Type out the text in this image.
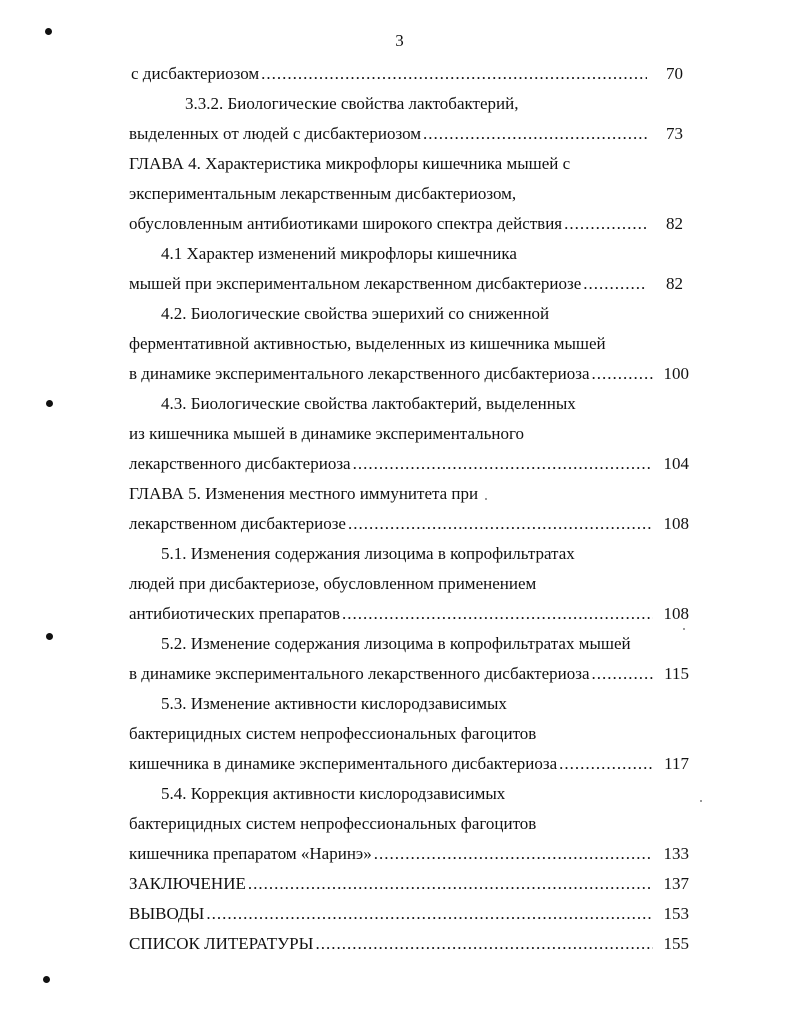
3
с дисбактериозом .....	70
3.3.2. Биологические свойства лактобактерий,
выделенных от людей с дисбактериозом .....	73
ГЛАВА 4. Характеристика микрофлоры кишечника мышей с
экспериментальным лекарственным дисбактериозом,
обусловленным антибиотиками широкого спектра действия .....	82
4.1 Характер изменений микрофлоры кишечника
мышей при экспериментальном лекарственном дисбактериозе .....	82
4.2. Биологические свойства эшерихий со сниженной
ферментативной активностью, выделенных из кишечника мышей
в динамике экспериментального лекарственного дисбактериоза .....	100
4.3. Биологические свойства лактобактерий, выделенных
из кишечника мышей в динамике экспериментального
лекарственного дисбактериоза .....	104
ГЛАВА 5. Изменения местного иммунитета при
лекарственном дисбактериозе .....	108
5.1. Изменения содержания лизоцима в копрофильтратах
людей при дисбактериозе, обусловленном применением
антибиотических препаратов .....	108
5.2. Изменение содержания лизоцима в копрофильтратах мышей
в динамике экспериментального лекарственного дисбактериоза .....	115
5.3. Изменение активности кислородзависимых
бактерицидных систем непрофессиональных фагоцитов
кишечника в динамике экспериментального дисбактериоза .....	117
5.4. Коррекция активности кислородзависимых
бактерицидных систем непрофессиональных фагоцитов
кишечника препаратом «Наринэ» .....	133
ЗАКЛЮЧЕНИЕ .....	137
ВЫВОДЫ .....	153
СПИСОК ЛИТЕРАТУРЫ .....	155
